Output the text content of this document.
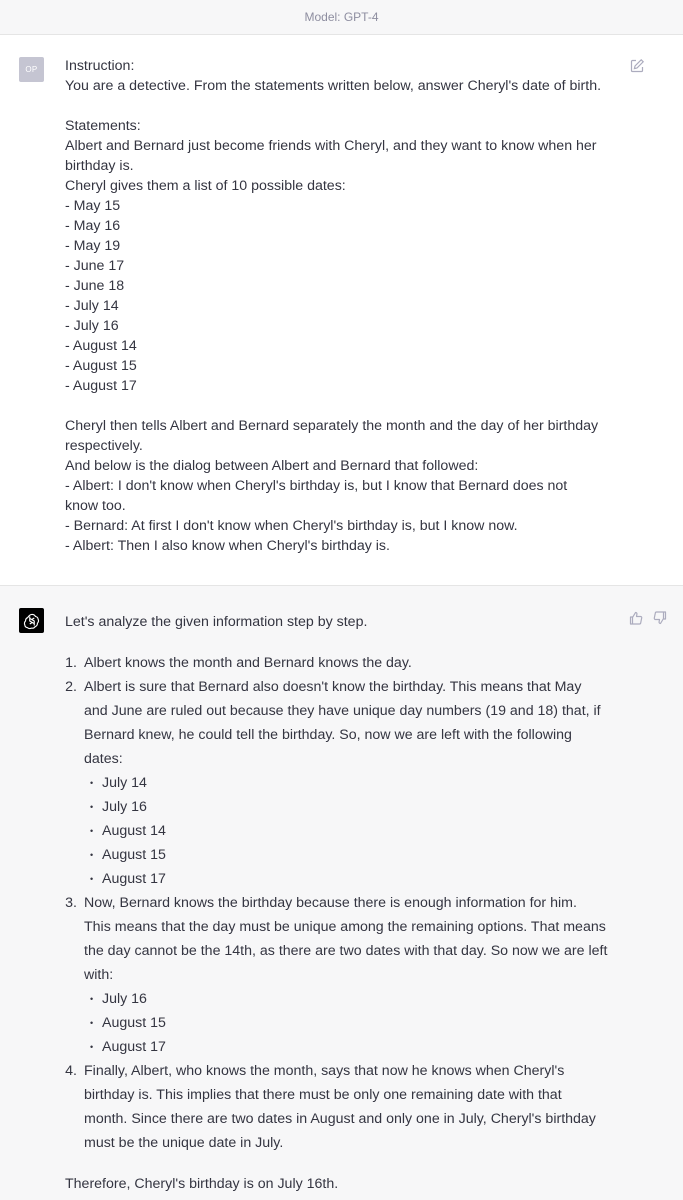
Model: GPT-4
OP Instruction:
You are a detective. From the statements written below, answer Cheryl's date of birth.
Statements:
Albert and Bernard just become friends with Cheryl, and they want to know when her
birthday is.
Cheryl gives them a list of 10 possible dates:
- May 15
- May 16
- May 19
- June 17
- June 18
- July 14
- July 16
- August 14
- August 15
- August 17
Cheryl then tells Albert and Bernard separately the month and the day of her birthday
respectively.
And below is the dialog between Albert and Bernard that followed:
- Albert: I don't know when Cheryl's birthday is, but I know that Bernard does not
know too.
- Bernard: At first I don't know when Cheryl's birthday is, but I know now.
- Albert: Then I also know when Cheryl's birthday is.
Let's analyze the given information step by step.
1. Albert knows the month and Bernard knows the day.
2. Albert is sure that Bernard also doesn't know the birthday. This means that May
and June are ruled out because they have unique day numbers (19 and 18) that, if
Bernard knew, he could tell the birthday. So, now we are left with the following
dates:
• July 14
• July 16
• August 14
• August 15
• August 17
3. Now, Bernard knows the birthday because there is enough information for him.
This means that the day must be unique among the remaining options. That means
the day cannot be the 14th, as there are two dates with that day. So now we are left
with:
• July 16
• August 15
• August 17
4. Finally, Albert, who knows the month, says that now he knows when Cheryl's
birthday is. This implies that there must be only one remaining date with that
month. Since there are two dates in August and only one in July, Cheryl's birthday
must be the unique date in July.
Therefore, Cheryl's birthday is on July 16th.
